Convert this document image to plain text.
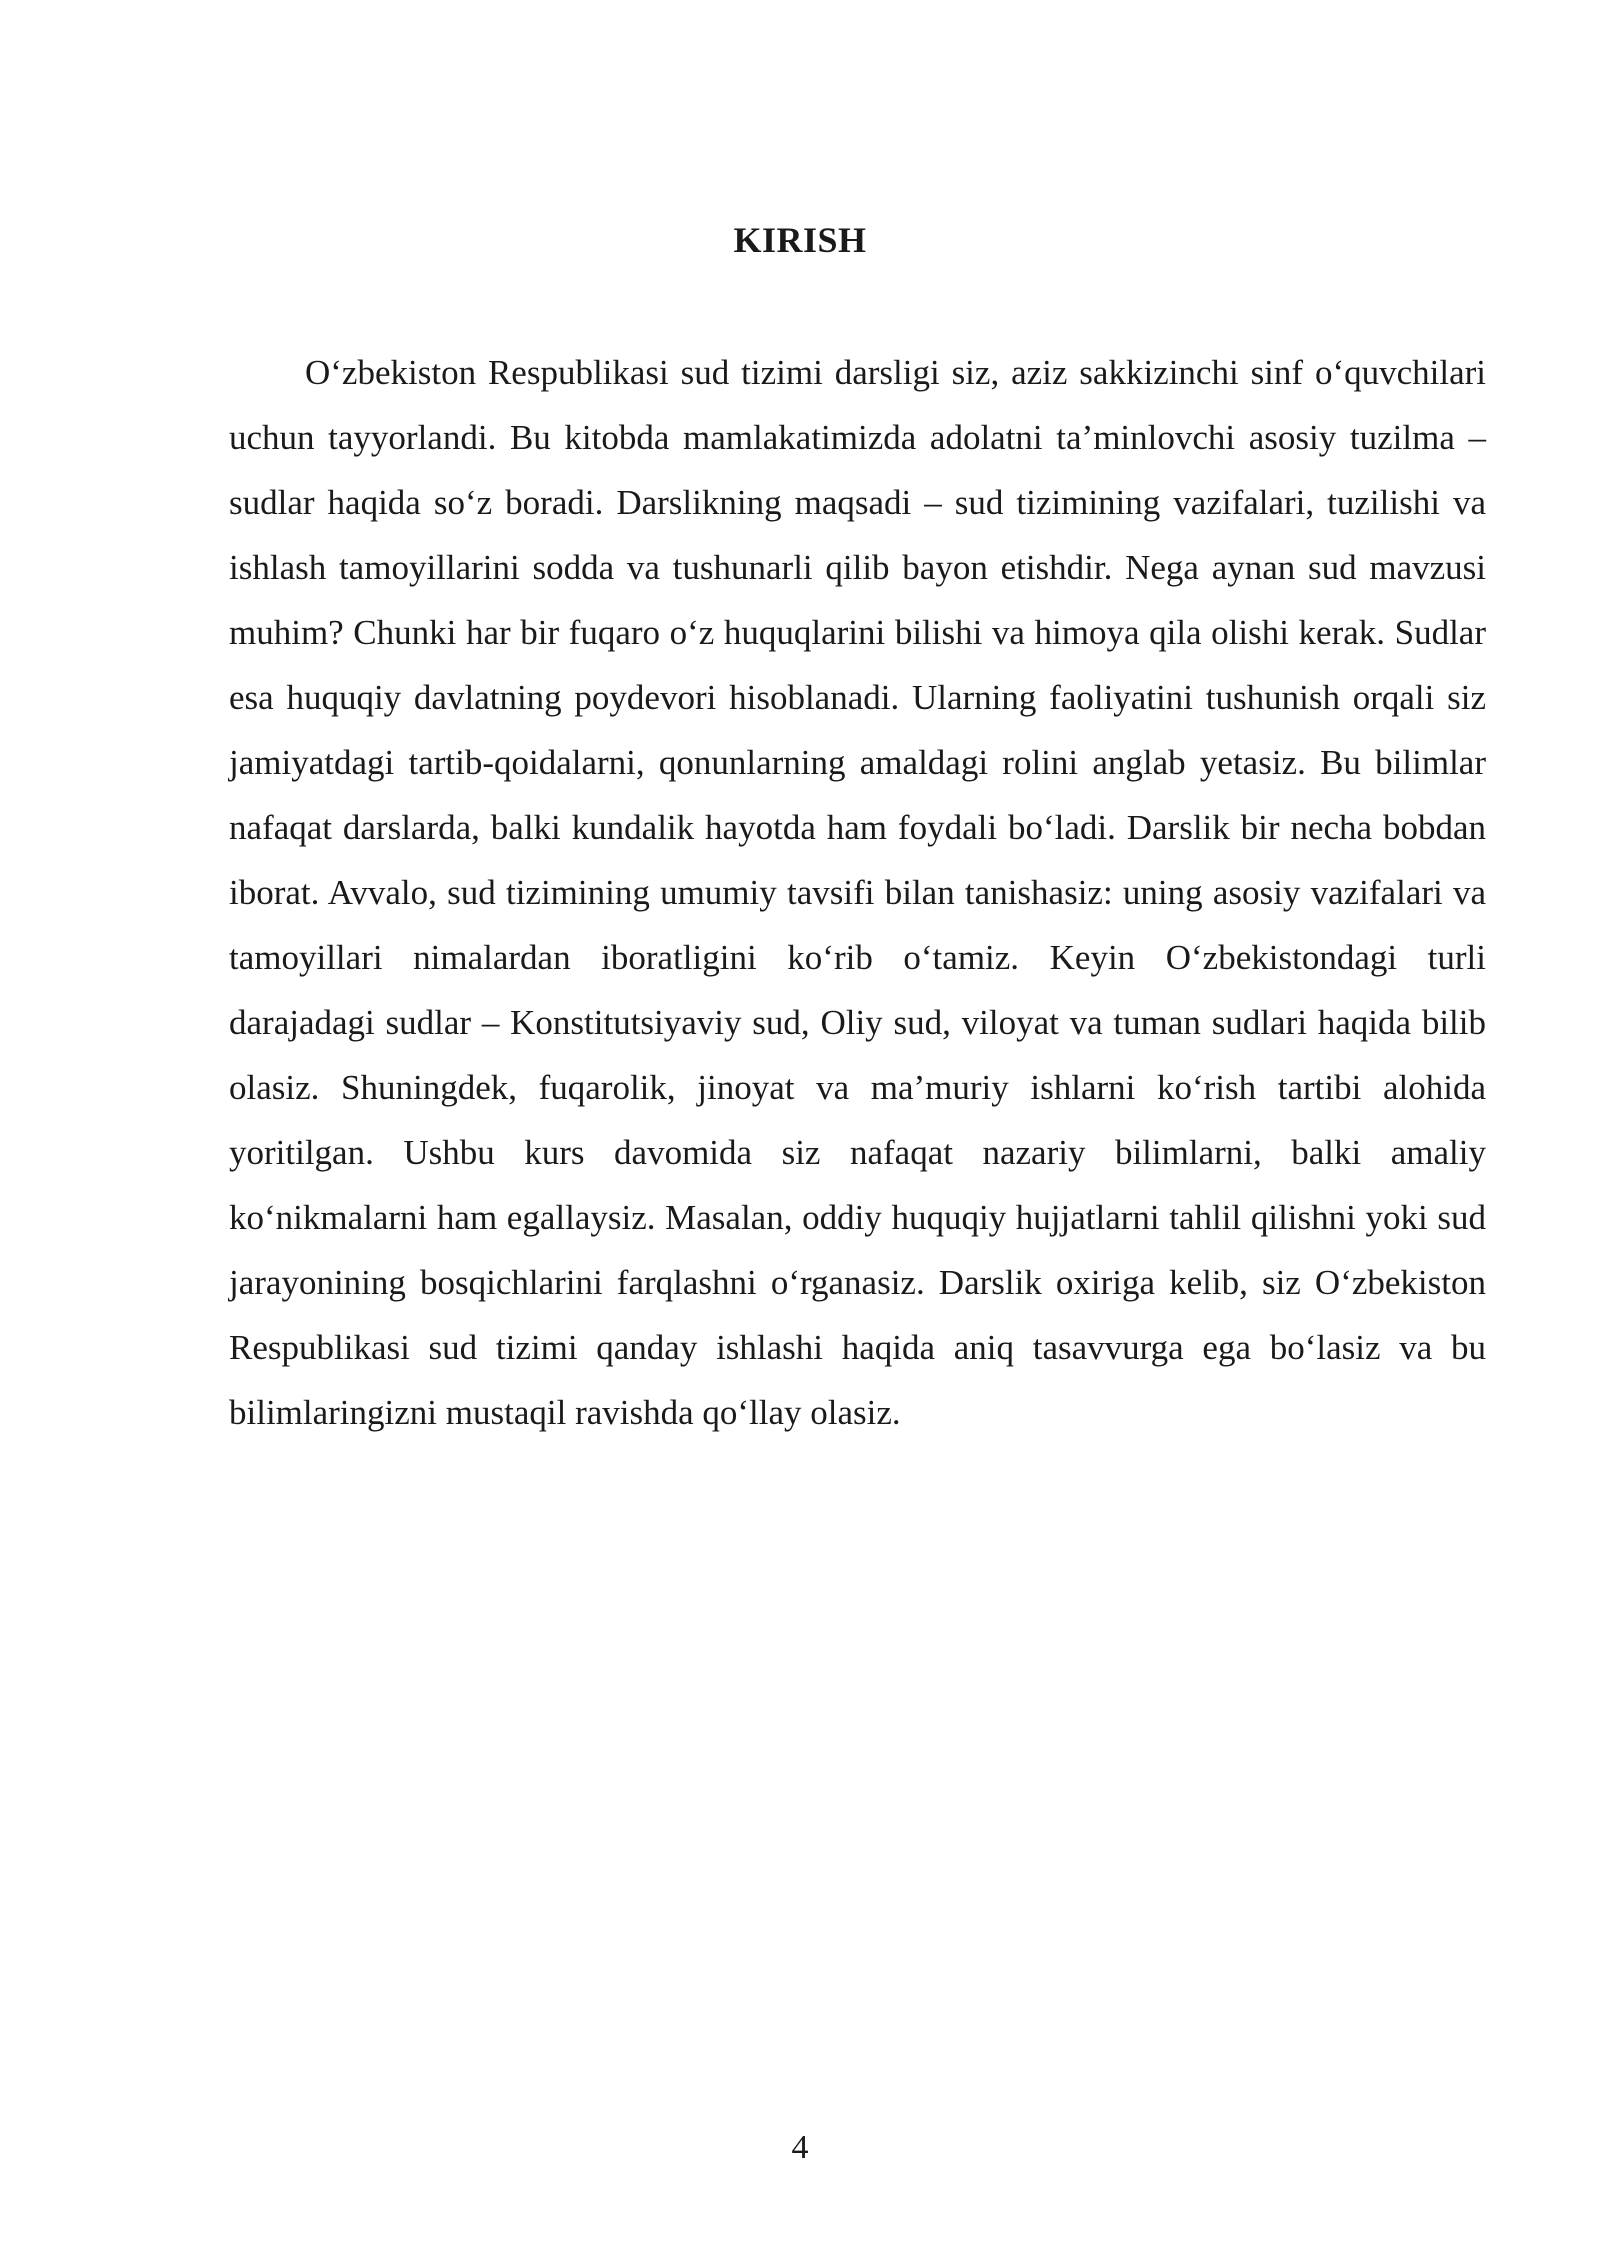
KIRISH

O‘zbekiston Respublikasi sud tizimi darsligi siz, aziz sakkizinchi sinf o‘quvchilari uchun tayyorlandi. Bu kitobda mamlakatimizda adolatni ta’minlovchi asosiy tuzilma – sudlar haqida so‘z boradi. Darslikning maqsadi – sud tizimining vazifalari, tuzilishi va ishlash tamoyillarini sodda va tushunarli qilib bayon etishdir. Nega aynan sud mavzusi muhim? Chunki har bir fuqaro o‘z huquqlarini bilishi va himoya qila olishi kerak. Sudlar esa huquqiy davlatning poydevori hisoblanadi. Ularning faoliyatini tushunish orqali siz jamiyatdagi tartib-qoidalarni, qonunlarning amaldagi rolini anglab yetasiz. Bu bilimlar nafaqat darslarda, balki kundalik hayotda ham foydali bo‘ladi. Darslik bir necha bobdan iborat. Avvalo, sud tizimining umumiy tavsifi bilan tanishasiz: uning asosiy vazifalari va tamoyillari nimalardan iboratligini ko‘rib o‘tamiz. Keyin O‘zbekistondagi turli darajadagi sudlar – Konstitutsiyaviy sud, Oliy sud, viloyat va tuman sudlari haqida bilib olasiz. Shuningdek, fuqarolik, jinoyat va ma’muriy ishlarni ko‘rish tartibi alohida yoritilgan. Ushbu kurs davomida siz nafaqat nazariy bilimlarni, balki amaliy ko‘nikmalarni ham egallaysiz. Masalan, oddiy huquqiy hujjatlarni tahlil qilishni yoki sud jarayonining bosqichlarini farqlashni o‘rganasiz. Darslik oxiriga kelib, siz O‘zbekiston Respublikasi sud tizimi qanday ishlashi haqida aniq tasavvurga ega bo‘lasiz va bu bilimlaringizni mustaqil ravishda qo‘llay olasiz.

4
